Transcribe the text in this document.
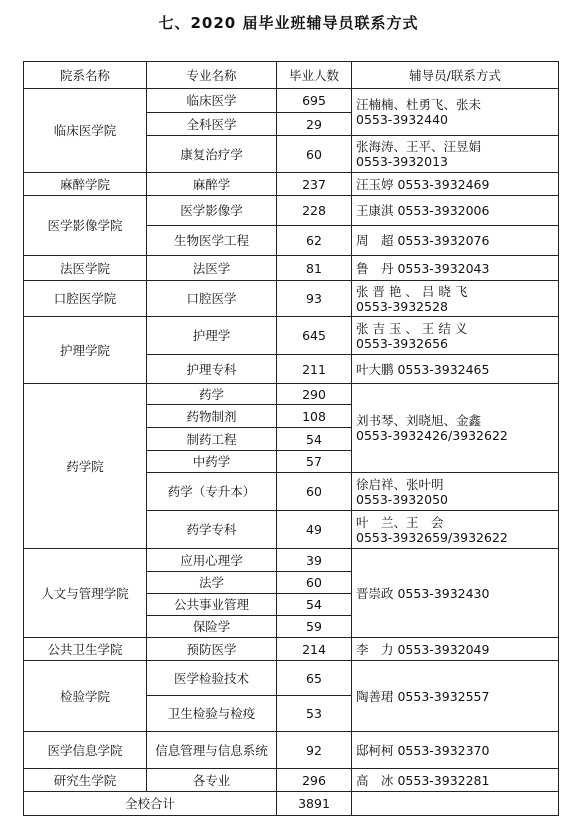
七、2020 届毕业班辅导员联系方式
院系名称	专业名称	毕业人数	辅导员/联系方式
临床医学院	临床医学	695	汪楠楠、杜勇飞、张未
0553-3932440

	全科医学	29	
	康复治疗学	60	张海涛、王平、汪昱娟
0553-3932013

麻醉学院	麻醉学	237	汪玉婷 0553-3932469
医学影像学院	医学影像学	228	王康淇 0553-3932006
	生物医学工程	62	周　超 0553-3932076
法医学院	法医学	81	鲁　丹 0553-3932043
口腔医学院	口腔医学	93	张 晋 艳 、 吕 晓 飞
0553-3932528

护理学院	护理学	645	张 吉 玉 、 王 结 义
0553-3932656

	护理专科	211	叶大鹏 0553-3932465
药学院	药学	290	刘书琴、刘晓旭、金鑫
0553-3932426/3932622

	药物制剂	108	
	制药工程	54	
	中药学	57	
	药学（专升本）	60	徐启祥、张叶明
0553-3932050

	药学专科	49	叶　兰、王　会
0553-3932659/3932622

人文与管理学院	应用心理学	39	晋崇政 0553-3932430
	法学	60	
	公共事业管理	54	
	保险学	59	
公共卫生学院	预防医学	214	李　力 0553-3932049
检验学院	医学检验技术	65	陶善珺 0553-3932557
	卫生检验与检疫	53	
医学信息学院	信息管理与信息系统	92	邸柯柯 0553-3932370
研究生学院	各专业	296	高　冰 0553-3932281
全校合计		3891	
